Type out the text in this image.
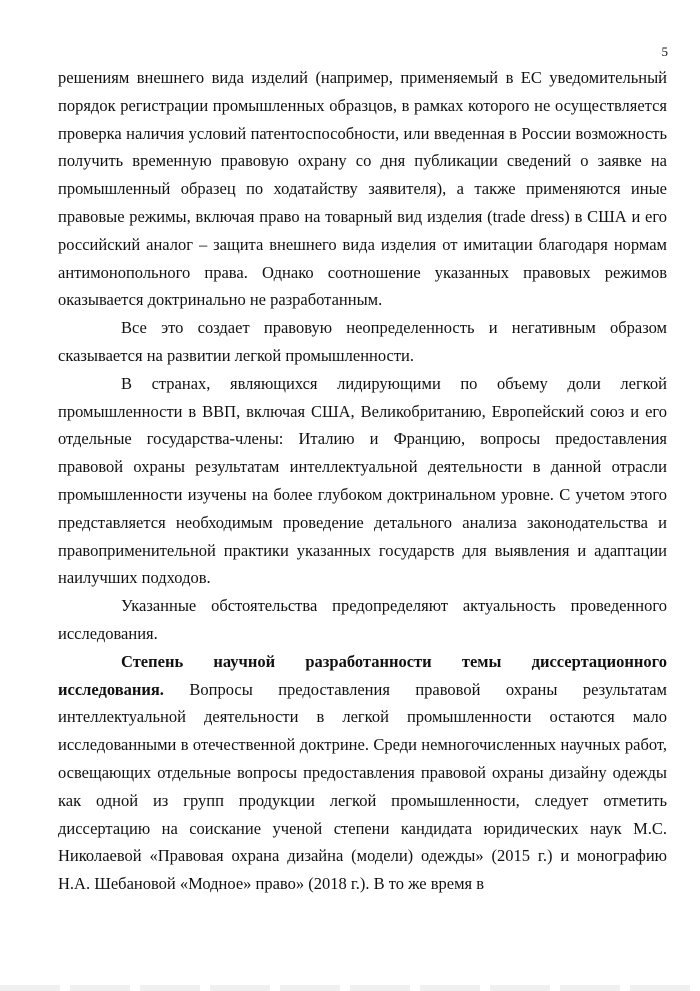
5

решениям внешнего вида изделий (например, применяемый в ЕС уведомительный порядок регистрации промышленных образцов, в рамках которого не осуществляется проверка наличия условий патентоспособности, или введенная в России возможность получить временную правовую охрану со дня публикации сведений о заявке на промышленный образец по ходатайству заявителя), а также применяются иные правовые режимы, включая право на товарный вид изделия (trade dress) в США и его российский аналог – защита внешнего вида изделия от имитации благодаря нормам антимонопольного права. Однако соотношение указанных правовых режимов оказывается доктринально не разработанным.

Все это создает правовую неопределенность и негативным образом сказывается на развитии легкой промышленности.

В странах, являющихся лидирующими по объему доли легкой промышленности в ВВП, включая США, Великобританию, Европейский союз и его отдельные государства-члены: Италию и Францию, вопросы предоставления правовой охраны результатам интеллектуальной деятельности в данной отрасли промышленности изучены на более глубоком доктринальном уровне. С учетом этого представляется необходимым проведение детального анализа законодательства и правоприменительной практики указанных государств для выявления и адаптации наилучших подходов.

Указанные обстоятельства предопределяют актуальность проведенного исследования.

Степень научной разработанности темы диссертационного исследования. Вопросы предоставления правовой охраны результатам интеллектуальной деятельности в легкой промышленности остаются мало исследованными в отечественной доктрине. Среди немногочисленных научных работ, освещающих отдельные вопросы предоставления правовой охраны дизайну одежды как одной из групп продукции легкой промышленности, следует отметить диссертацию на соискание ученой степени кандидата юридических наук М.С. Николаевой «Правовая охрана дизайна (модели) одежды» (2015 г.) и монографию Н.А. Шебановой «Модное» право» (2018 г.). В то же время в
